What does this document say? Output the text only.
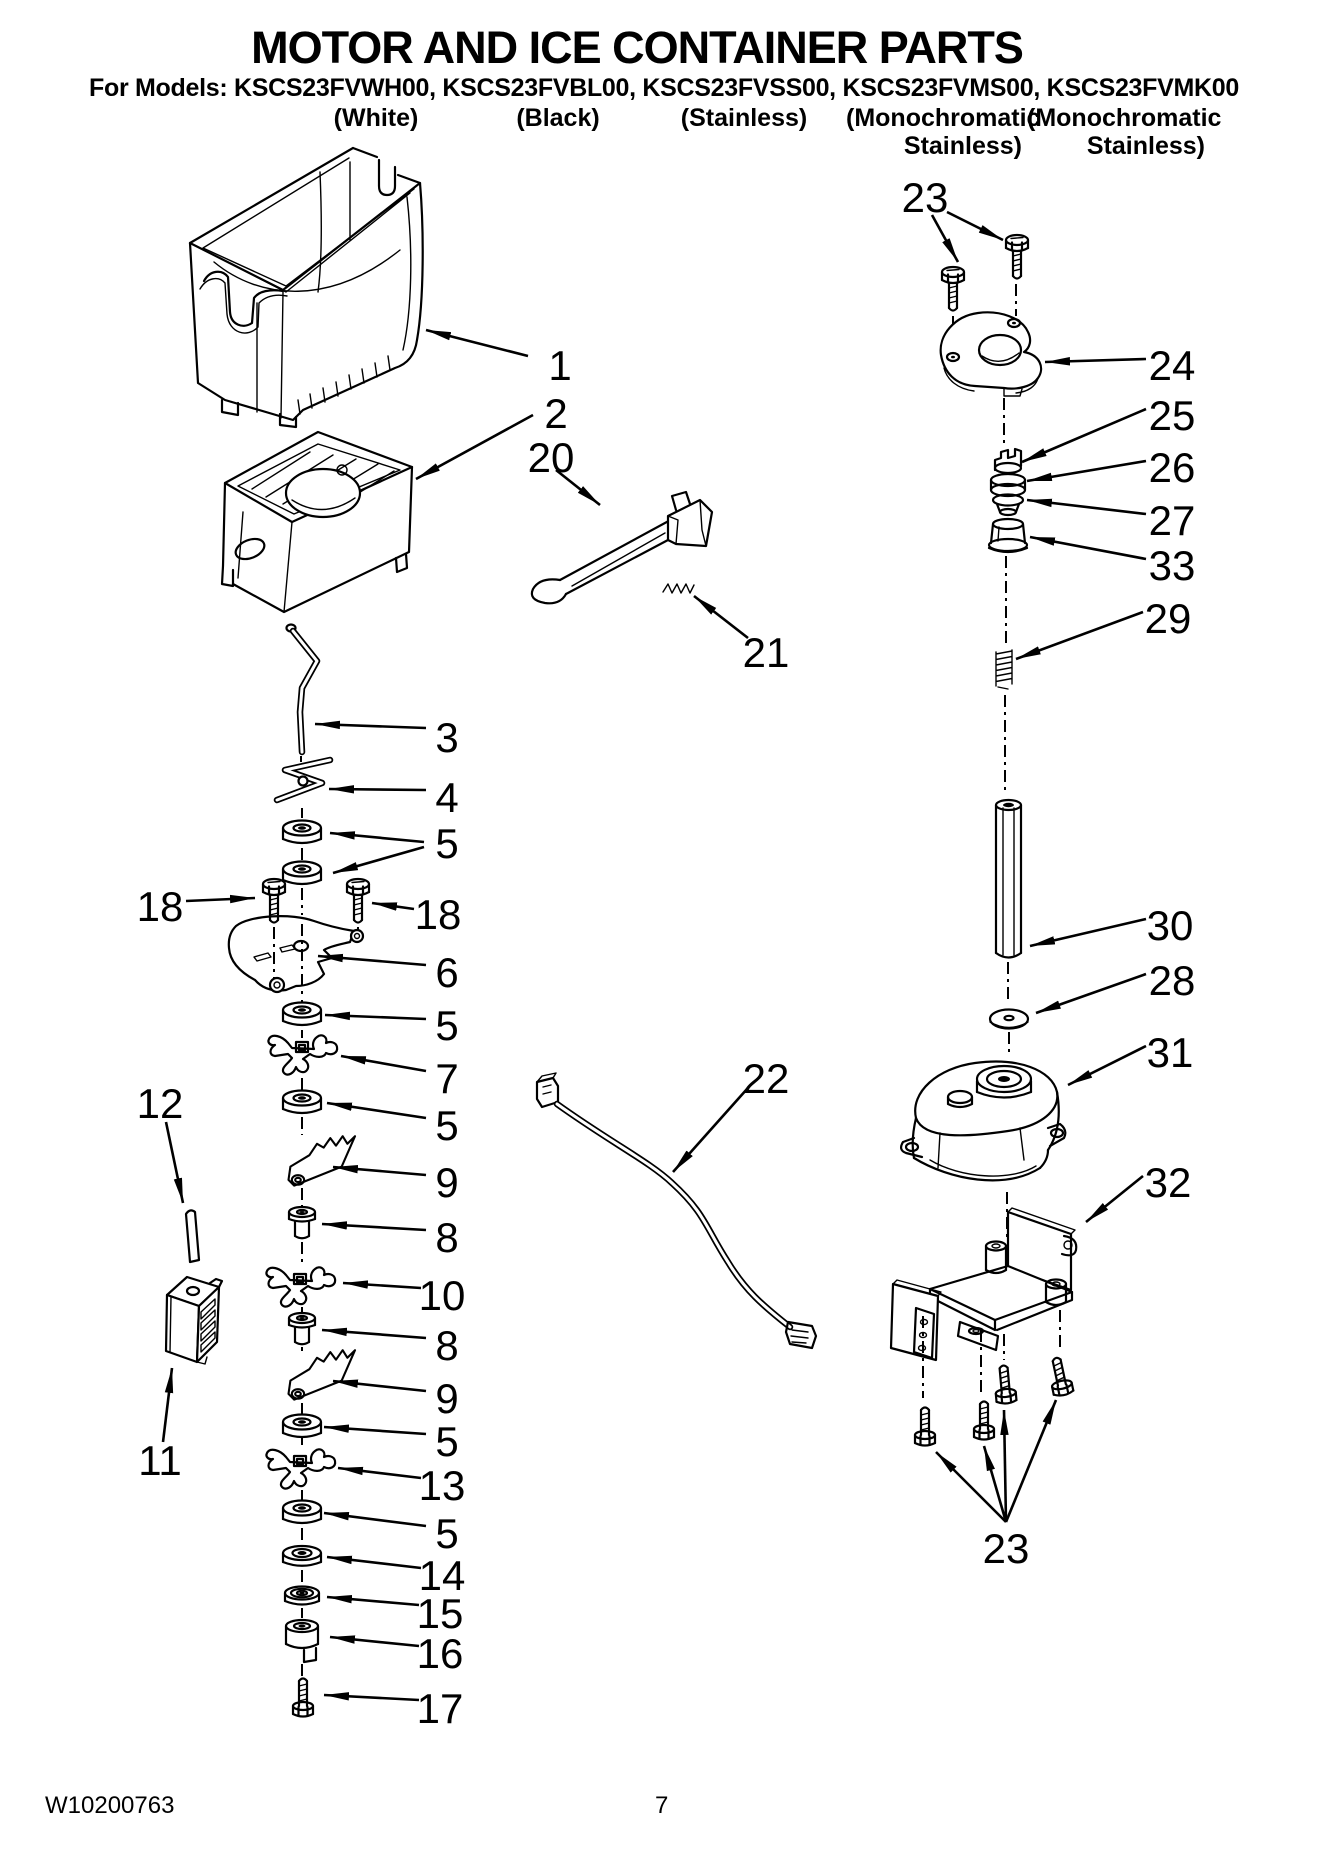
MOTOR AND ICE CONTAINER PARTS
For Models: KSCS23FVWH00, KSCS23FVBL00, KSCS23FVSS00, KSCS23FVMS00, KSCS23FVMK00
(White)	(Black)	(Stainless) (Monochromatic
Stainless)
(Monochromatic
Stainless)
1
2
20
21
3
4
5
18	18
6
5
7
5
9
8
10
8
12
9
5
11
13
5
14
15
16
17
22
23
24
25
26
27
33
29
30
28
31
32
23
W10200763	7
